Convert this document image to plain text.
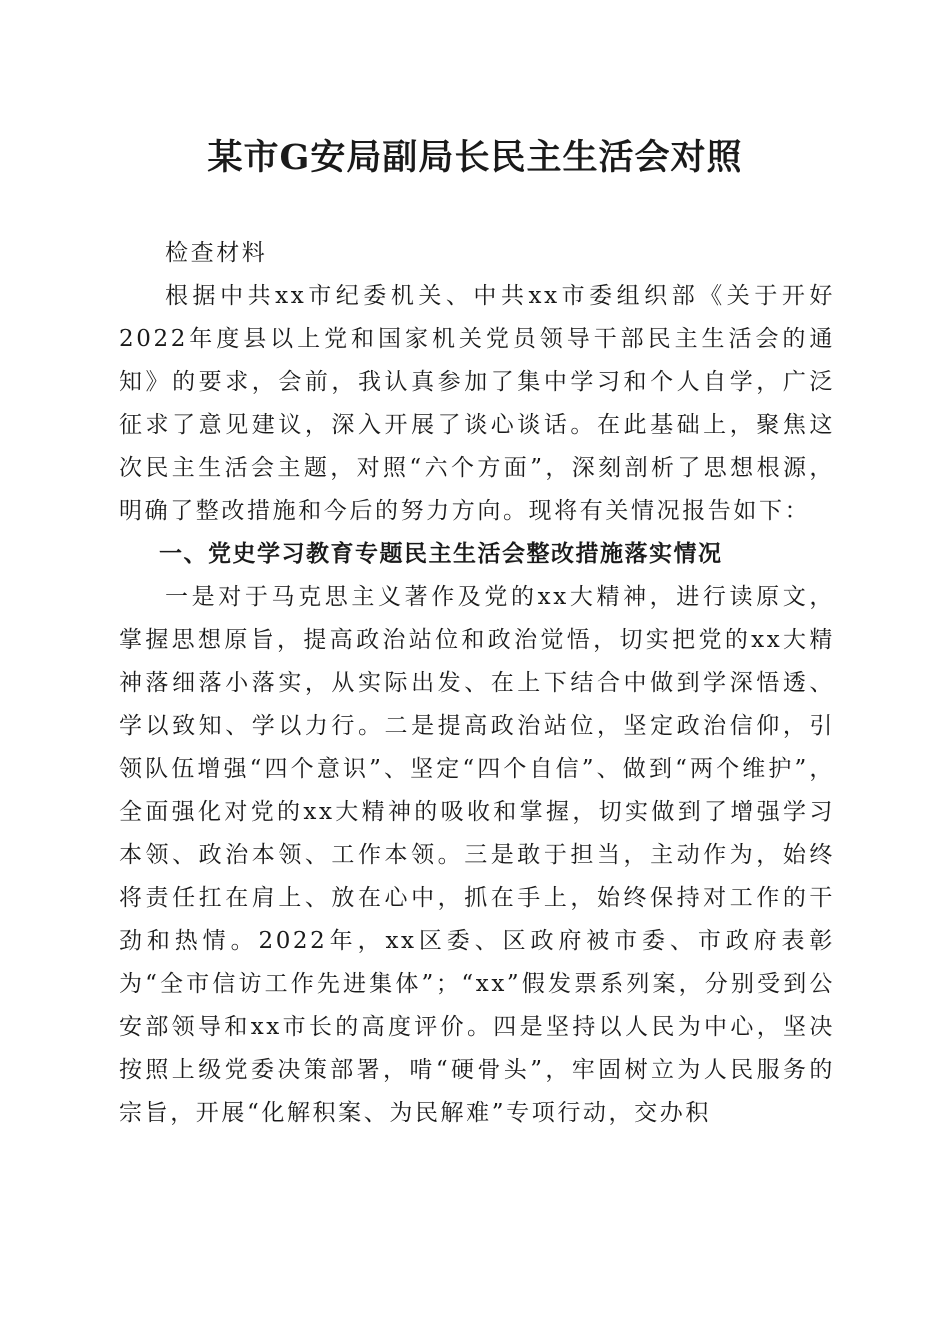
某市G安局副局长民主生活会对照

检查材料

根据中共xx市纪委机关、中共xx市委组织部《关于开好2022年度县以上党和国家机关党员领导干部民主生活会的通知》的要求，会前，我认真参加了集中学习和个人自学，广泛征求了意见建议，深入开展了谈心谈话。在此基础上，聚焦这次民主生活会主题，对照“六个方面”，深刻剖析了思想根源，明确了整改措施和今后的努力方向。现将有关情况报告如下：

一、党史学习教育专题民主生活会整改措施落实情况

一是对于马克思主义著作及党的xx大精神，进行读原文，掌握思想原旨，提高政治站位和政治觉悟，切实把党的xx大精神落细落小落实，从实际出发、在上下结合中做到学深悟透、学以致知、学以力行。二是提高政治站位，坚定政治信仰，引领队伍增强“四个意识”、坚定“四个自信”、做到“两个维护”，全面强化对党的xx大精神的吸收和掌握，切实做到了增强学习本领、政治本领、工作本领。三是敢于担当，主动作为，始终将责任扛在肩上、放在心中，抓在手上，始终保持对工作的干劲和热情。2022年，xx区委、区政府被市委、市政府表彰为“全市信访工作先进集体”；“xx”假发票系列案，分别受到公安部领导和xx市长的高度评价。四是坚持以人民为中心，坚决按照上级党委决策部署，啃“硬骨头”，牢固树立为人民服务的宗旨，开展“化解积案、为民解难”专项行动，交办积
